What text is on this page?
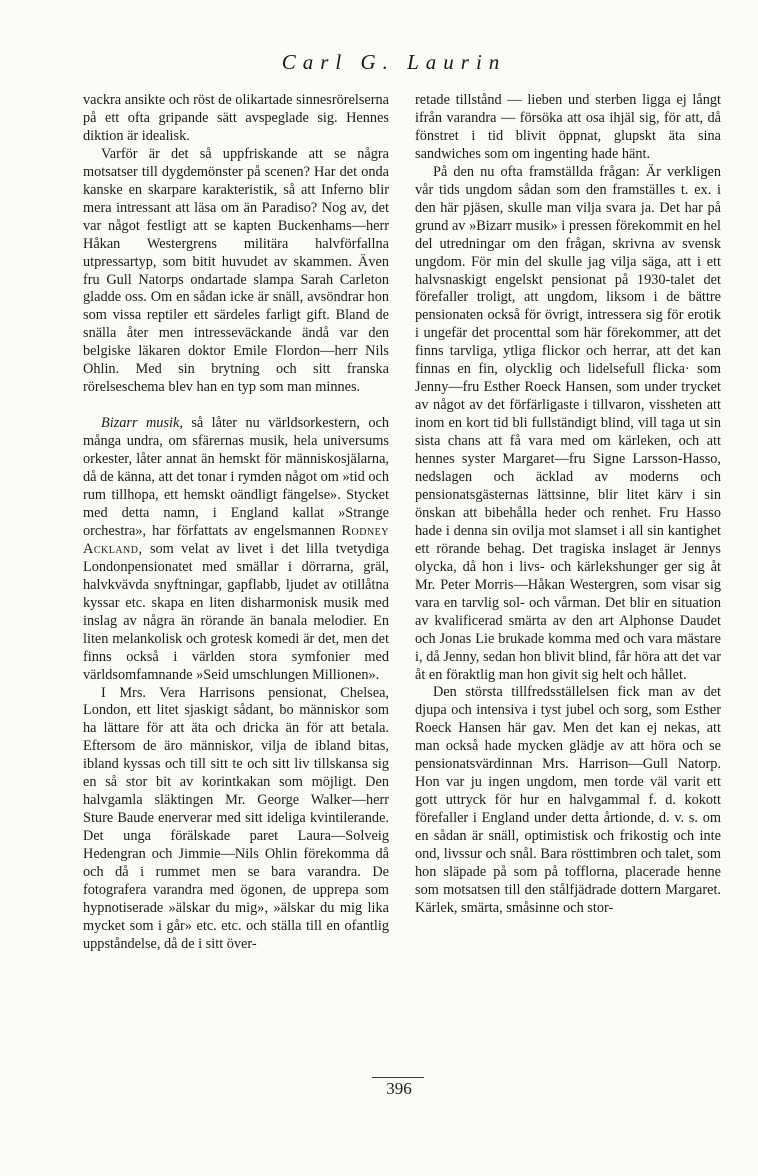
Carl G. Laurin

vackra ansikte och röst de olikartade sinnesrörelserna på ett ofta gripande sätt avspeglade sig. Hennes diktion är idealisk.

Varför är det så uppfriskande att se några motsatser till dygdemönster på scenen? Har det onda kanske en skarpare karakteristik, så att Inferno blir mera intressant att läsa om än Paradiso? Nog av, det var något festligt att se kapten Buckenhams—herr Håkan Westergrens militära halvförfallna utpressartyp, som bitit huvudet av skammen. Även fru Gull Natorps ondartade slampa Sarah Carleton gladde oss. Om en sådan icke är snäll, avsöndrar hon som vissa reptiler ett särdeles farligt gift. Bland de snälla åter men intresseväckande ändå var den belgiske läkaren doktor Emile Flordon—herr Nils Ohlin. Med sin brytning och sitt franska rörelseschema blev han en typ som man minnes.

Bizarr musik, så låter nu världsorkestern, och många undra, om sfärernas musik, hela universums orkester, låter annat än hemskt för människosjälarna, då de känna, att det tonar i rymden något om »tid och rum tillhopa, ett hemskt oändligt fängelse». Stycket med detta namn, i England kallat »Strange orchestra», har författats av engelsmannen Rodney Ackland, som velat av livet i det lilla tvetydiga Londonpensionatet med smällar i dörrarna, gräl, halvkvävda snyftningar, gapflabb, ljudet av otillåtna kyssar etc. skapa en liten disharmonisk musik med inslag av några än rörande än banala melodier. En liten melankolisk och grotesk komedi är det, men det finns också i världen stora symfonier med världsomfamnande »Seid umschlungen Millionen».

I Mrs. Vera Harrisons pensionat, Chelsea, London, ett litet sjaskigt sådant, bo människor som ha lättare för att äta och dricka än för att betala. Eftersom de äro människor, vilja de ibland bitas, ibland kyssas och till sitt te och sitt liv tillskansa sig en så stor bit av korintkakan som möjligt. Den halvgamla släktingen Mr. George Walker—herr Sture Baude enerverar med sitt ideliga kvintilerande. Det unga förälskade paret Laura—Solveig Hedengran och Jimmie—Nils Ohlin förekomma då och då i rummet men se bara varandra. De fotografera varandra med ögonen, de upprepa som hypnotiserade »älskar du mig», »älskar du mig lika mycket som i går» etc. etc. och ställa till en ofantlig uppståndelse, då de i sitt över-

retade tillstånd — lieben und sterben ligga ej långt ifrån varandra — försöka att osa ihjäl sig, för att, då fönstret i tid blivit öppnat, glupskt äta sina sandwiches som om ingenting hade hänt.

På den nu ofta framställda frågan: Är verkligen vår tids ungdom sådan som den framställes t. ex. i den här pjäsen, skulle man vilja svara ja. Det har på grund av »Bizarr musik» i pressen förekommit en hel del utredningar om den frågan, skrivna av svensk ungdom. För min del skulle jag vilja säga, att i ett halvsnaskigt engelskt pensionat på 1930-talet det förefaller troligt, att ungdom, liksom i de bättre pensionaten också för övrigt, intressera sig för erotik i ungefär det procenttal som här förekommer, att det finns tarvliga, ytliga flickor och herrar, att det kan finnas en fin, olycklig och lidelsefull flicka· som Jenny—fru Esther Roeck Hansen, som under trycket av något av det förfärligaste i tillvaron, vissheten att inom en kort tid bli fullständigt blind, vill taga ut sin sista chans att få vara med om kärleken, och att hennes syster Margaret—fru Signe Larsson-Hasso, nedslagen och äcklad av moderns och pensionatsgästernas lättsinne, blir litet kärv i sin önskan att bibehålla heder och renhet. Fru Hasso hade i denna sin ovilja mot slamset i all sin kantighet ett rörande behag. Det tragiska inslaget är Jennys olycka, då hon i livs- och kärlekshunger ger sig åt Mr. Peter Morris—Håkan Westergren, som visar sig vara en tarvlig sol- och vårman. Det blir en situation av kvalificerad smärta av den art Alphonse Daudet och Jonas Lie brukade komma med och vara mästare i, då Jenny, sedan hon blivit blind, får höra att det var åt en föraktlig man hon givit sig helt och hållet.

Den största tillfredsställelsen fick man av det djupa och intensiva i tyst jubel och sorg, som Esther Roeck Hansen här gav. Men det kan ej nekas, att man också hade mycken glädje av att höra och se pensionatsvärdinnan Mrs. Harrison—Gull Natorp. Hon var ju ingen ungdom, men torde väl varit ett gott uttryck för hur en halvgammal f. d. kokott förefaller i England under detta årtionde, d. v. s. om en sådan är snäll, optimistisk och frikostig och inte ond, livssur och snål. Bara rösttimbren och talet, som hon släpade på som på tofflorna, placerade henne som motsatsen till den stålfjädrade dottern Margaret. Kärlek, smärta, småsinne och stor-

396
